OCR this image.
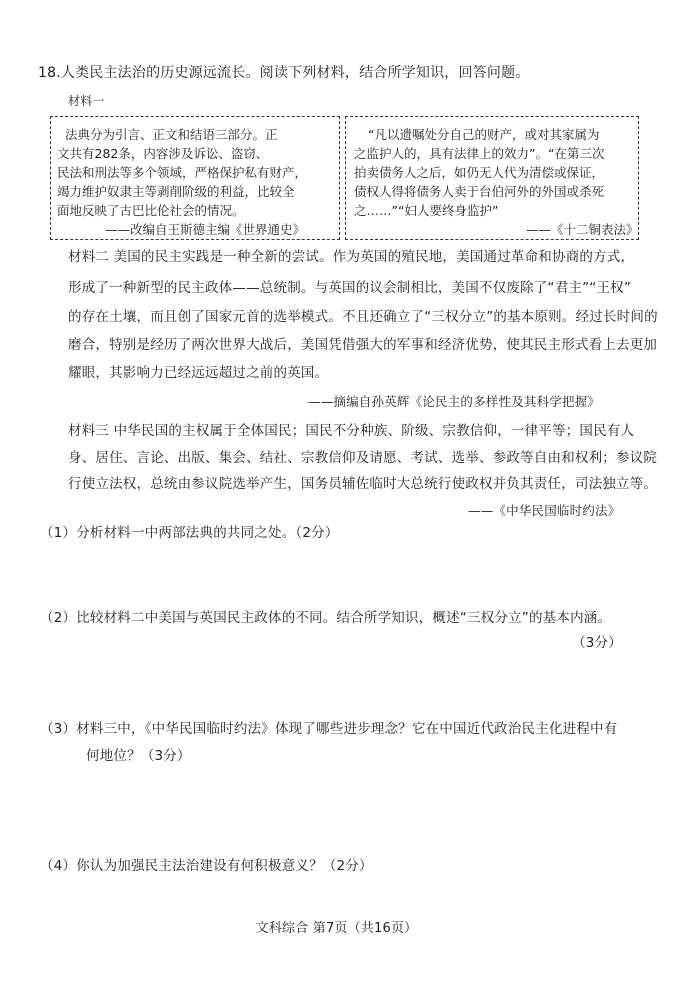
18.人类民主法治的历史源远流长。阅读下列材料，结合所学知识，回答问题。
材料一
法典分为引言、正文和结语三部分。正
文共有282条，内容涉及诉讼、盗窃、
民法和刑法等多个领域，严格保护私有财产，
竭力维护奴隶主等剥削阶级的利益，比较全
面地反映了古巴比伦社会的情况。
——改编自王斯德主编《世界通史》
“凡以遗嘱处分自己的财产，或对其家属为
之监护人的，具有法律上的效力”。“在第三次
拍卖债务人之后，如仍无人代为清偿或保证，
债权人得将债务人卖于台伯河外的外国或杀死
之……”“妇人要终身监护”
——《十二铜表法》
材料二 美国的民主实践是一种全新的尝试。作为英国的殖民地，美国通过革命和协商的方式，
形成了一种新型的民主政体——总统制。与英国的议会制相比，美国不仅废除了“君主”“王权”
的存在土壤，而且创了国家元首的选举模式。不且还确立了“三权分立”的基本原则。经过长时间的
磨合，特别是经历了两次世界大战后，美国凭借强大的军事和经济优势，使其民主形式看上去更加
耀眼，其影响力已经远远超过之前的英国。
——摘编自孙英辉《论民主的多样性及其科学把握》
材料三 中华民国的主权属于全体国民；国民不分种族、阶级、宗教信仰，一律平等；国民有人
身、居住、言论、出版、集会、结社、宗教信仰及请愿、考试、选举、参政等自由和权利；参议院
行使立法权，总统由参议院选举产生，国务员辅佐临时大总统行使政权并负其责任，司法独立等。
——《中华民国临时约法》
（1）分析材料一中两部法典的共同之处。（2分）
（2）比较材料二中美国与英国民主政体的不同。结合所学知识，概述“三权分立”的基本内涵。
（3分）
（3）材料三中，《中华民国临时约法》体现了哪些进步理念？它在中国近代政治民主化进程中有
何地位？（3分）
（4）你认为加强民主法治建设有何积极意义？（2分）
文科综合 第7页（共16页）
